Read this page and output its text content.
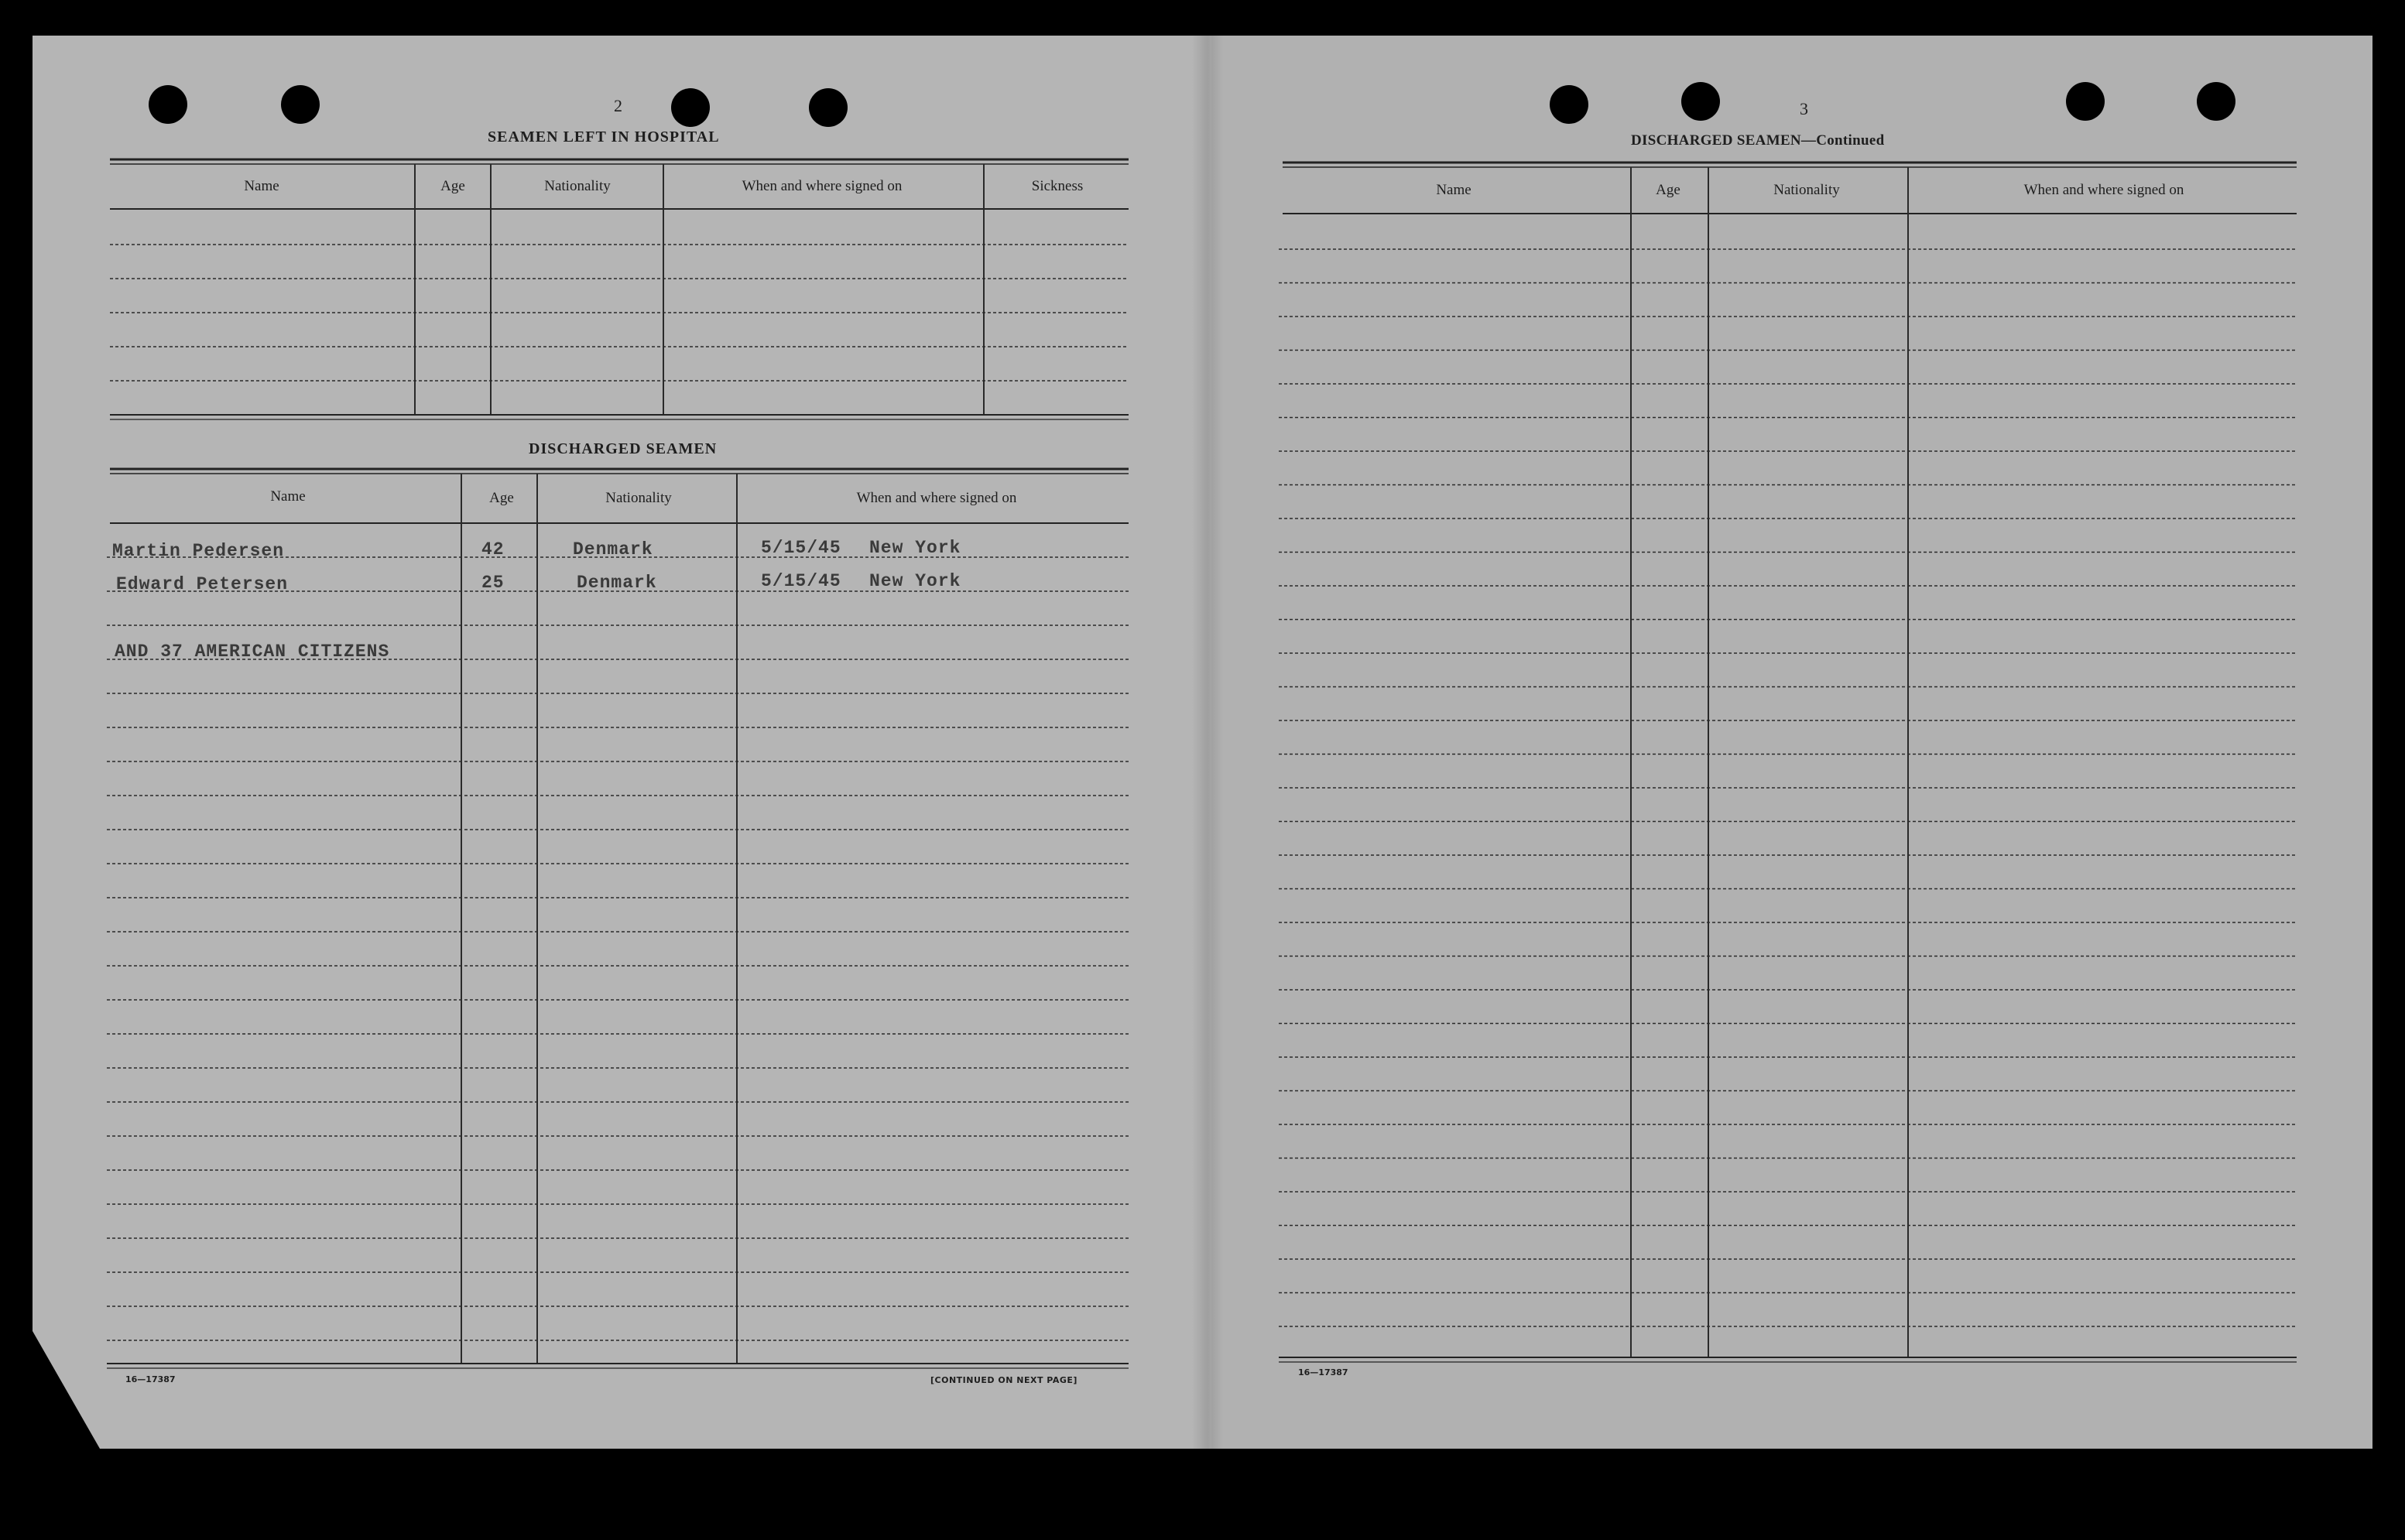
2
SEAMEN LEFT IN HOSPITAL
DISCHARGED SEAMEN
16—17387	[CONTINUED ON NEXT PAGE]
3
DISCHARGED SEAMEN—Continued
16—17387
Name	Age	Nationality	When and where signed on	Sickness
Name	Age	Nationality	When and where signed on
Martin Pedersen	42	Denmark	5/15/45 New York
Edward Petersen	25	Denmark	5/15/45 New York
AND 37 AMERICAN CITIZENS
Name	Age	Nationality	When and where signed on
